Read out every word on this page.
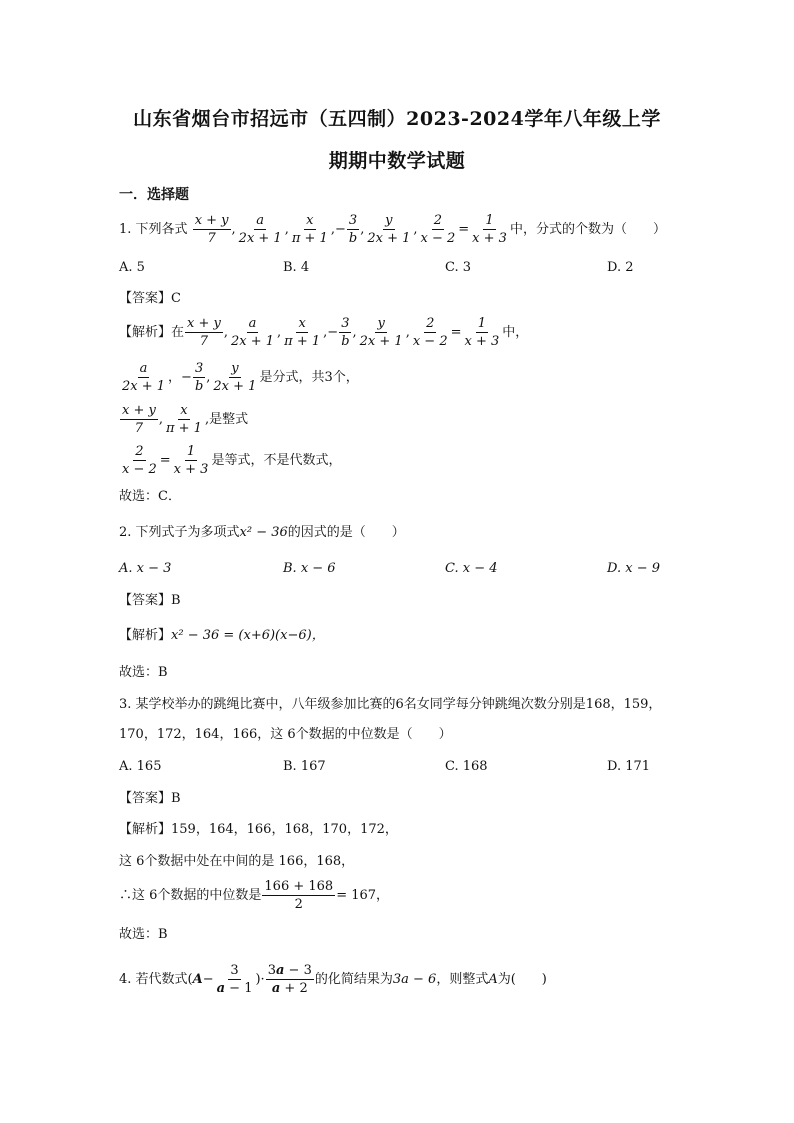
山东省烟台市招远市（五四制）2023-2024学年八年级上学
期期中数学试题
一．选择题
1. 下列各式 $\frac{x + y}{7}$ , $\frac{a}{2x + 1}$ , $\frac{x}{\pi + 1}$ ,− $\frac{3}{b}$ , $\frac{y}{2x + 1}$ , $\frac{2}{x - 2} = \frac{1}{x + 3}$ 中，分式的个数为（　　）
A. 5	B. 4	C. 3	D. 2
【答案】C
【解析】在 $\frac{x + y}{7}$ , $\frac{a}{2x + 1}$ , $\frac{x}{\pi + 1}$ ,− $\frac{3}{b}$ , $\frac{y}{2x + 1}$ , $\frac{2}{x - 2} = \frac{1}{x + 3}$ 中，
$\frac{a}{2x + 1}$ ，− $\frac{3}{b}$ , $\frac{y}{2x + 1}$ 是分式，共3个，
$\frac{x + y}{7}$ , $\frac{x}{\pi + 1}$ ,是整式
$\frac{2}{x - 2} = \frac{1}{x + 3}$ 是等式，不是代数式，
故选：C．
2. 下列式子为多项式x² − 36的因式的是（　　）
A. x − 3	B. x − 6	C. x − 4	D. x − 9
【答案】B
【解析】x² − 36 = (x+6)(x−6)，
故选：B
3. 某学校举办的跳绳比赛中，八年级参加比赛的6名女同学每分钟跳绳次数分别是168，159，
170，172，164，166，这 6个数据的中位数是（　　）
A. 165	B. 167	C. 168	D. 171
【答案】B
【解析】159，164，166，168，170，172，
这 6个数据中处在中间的是 166，168，
∴这 6个数据的中位数是 $\frac{166 + 168}{2} = 167$，
故选：B
4. 若代数式($A- \frac{3}{a - 1}$ )· $\frac{3a - 3}{a + 2}$ 的化简结果为3a − 6，则整式A为(　　)
